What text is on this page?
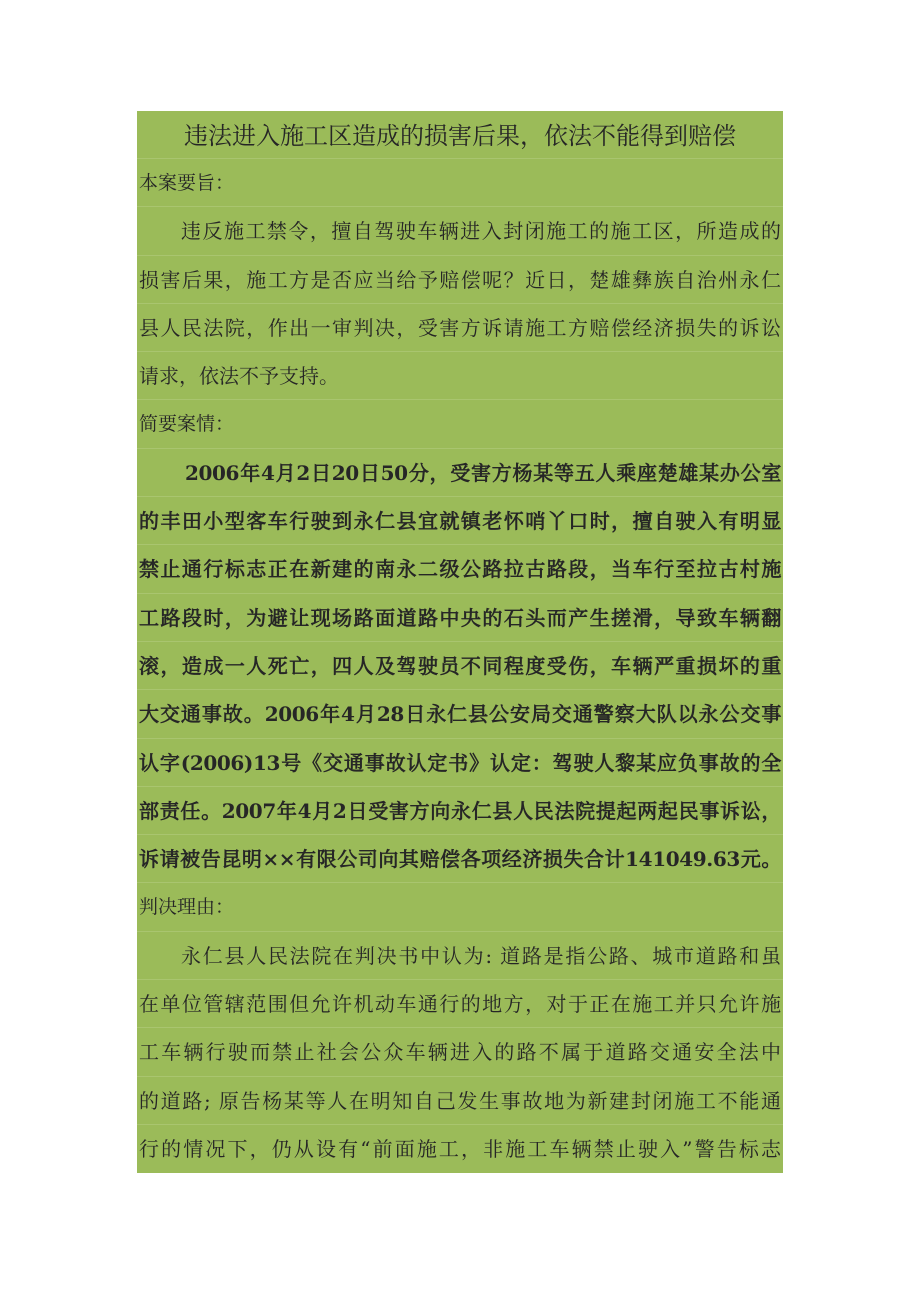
违法进入施工区造成的损害后果，依法不能得到赔偿
本案要旨：
违反施工禁令，擅自驾驶车辆进入封闭施工的施工区，所造成的
损害后果，施工方是否应当给予赔偿呢？近日，楚雄彝族自治州永仁
县人民法院，作出一审判决，受害方诉请施工方赔偿经济损失的诉讼
请求，依法不予支持。
简要案情：
2006年4月2日20日50分，受害方杨某等五人乘座楚雄某办公室
的丰田小型客车行驶到永仁县宜就镇老怀哨丫口时，擅自驶入有明显
禁止通行标志正在新建的南永二级公路拉古路段，当车行至拉古村施
工路段时，为避让现场路面道路中央的石头而产生搓滑，导致车辆翻
滚，造成一人死亡，四人及驾驶员不同程度受伤，车辆严重损坏的重
大交通事故。2006年4月28日永仁县公安局交通警察大队以永公交事
认字(2006)13号《交通事故认定书》认定：驾驶人黎某应负事故的全
部责任。2007年4月2日受害方向永仁县人民法院提起两起民事诉讼，
诉请被告昆明××有限公司向其赔偿各项经济损失合计141049.63元。
判决理由：
永仁县人民法院在判决书中认为: 道路是指公路、城市道路和虽
在单位管辖范围但允许机动车通行的地方，对于正在施工并只允许施
工车辆行驶而禁止社会公众车辆进入的路不属于道路交通安全法中
的道路; 原告杨某等人在明知自己发生事故地为新建封闭施工不能通
行的情况下，仍从设有“前面施工，非施工车辆禁止驶入”警告标志
